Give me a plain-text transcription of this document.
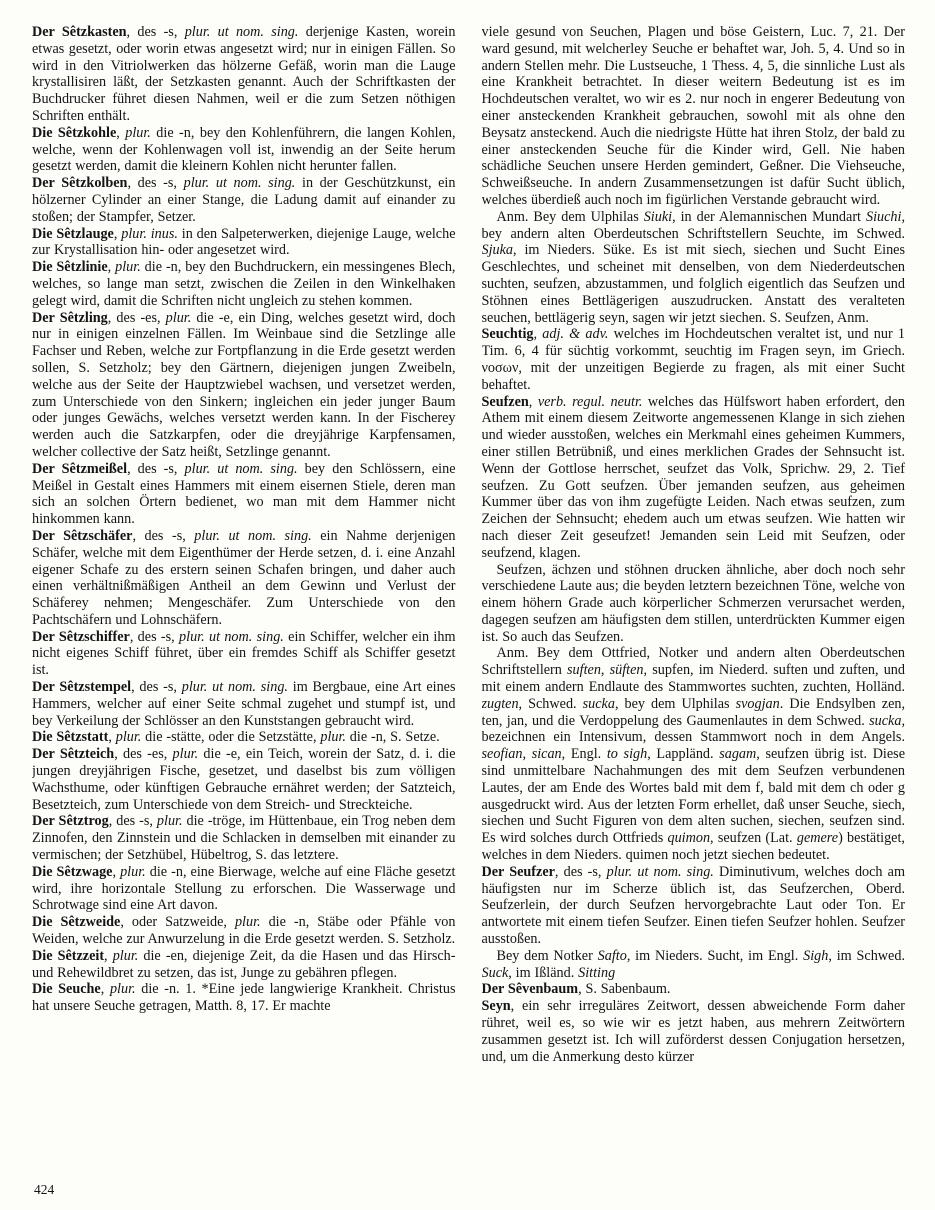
Der Sêtzkasten, des -s, plur. ut nom. sing. derjenige Kasten, worein etwas gesetzt, oder worin etwas angesetzt wird; nur in einigen Fällen. So wird in den Vitriolwerken das hölzerne Gefäß, worin man die Lauge krystallisiren läßt, der Setzkasten genannt. Auch der Schriftkasten der Buchdrucker führet diesen Nahmen, weil er die zum Setzen nöthigen Schriften enthält.

Die Sêtzkohle, plur. die -n, bey den Kohlenführern, die langen Kohlen, welche, wenn der Kohlenwagen voll ist, inwendig an der Seite herum gesetzt werden, damit die kleinern Kohlen nicht herunter fallen.

Der Sêtzkolben, des -s, plur. ut nom. sing. in der Geschützkunst, ein hölzerner Cylinder an einer Stange, die Ladung damit auf einander zu stoßen; der Stampfer, Setzer.

Die Sêtzlauge, plur. inus. in den Salpeterwerken, diejenige Lauge, welche zur Krystallisation hin- oder angesetzet wird.

Die Sêtzlinie, plur. die -n, bey den Buchdruckern, ein messingenes Blech, welches, so lange man setzt, zwischen die Zeilen in den Winkelhaken gelegt wird, damit die Schriften nicht ungleich zu stehen kommen.

Der Sêtzling, des -es, plur. die -e, ein Ding, welches gesetzt wird, doch nur in einigen einzelnen Fällen. Im Weinbaue sind die Setzlinge alle Fachser und Reben, welche zur Fortpflanzung in die Erde gesetzt werden sollen, S. Setzholz; bey den Gärtnern, diejenigen jungen Zweibeln, welche aus der Seite der Hauptzwiebel wachsen, und versetzet werden, zum Unterschiede von den Sinkern; ingleichen ein jeder junger Baum oder junges Gewächs, welches versetzt werden kann. In der Fischerey werden auch die Satzkarpfen, oder die dreyjährige Karpfensamen, welcher collective der Satz heißt, Setzlinge genannt.

Der Sêtzmeißel, des -s, plur. ut nom. sing. bey den Schlössern, eine Meißel in Gestalt eines Hammers mit einem eisernen Stiele, deren man sich an solchen Örtern bedienet, wo man mit dem Hammer nicht hinkommen kann.

Der Sêtzschäfer, des -s, plur. ut nom. sing. ein Nahme derjenigen Schäfer, welche mit dem Eigenthümer der Herde setzen, d. i. eine Anzahl eigener Schafe zu des erstern seinen Schafen bringen, und daher auch einen verhältnißmäßigen Antheil an dem Gewinn und Verlust der Schäferey nehmen; Mengeschäfer. Zum Unterschiede von den Pachtschäfern und Lohnschäfern.

Der Sêtzschiffer, des -s, plur. ut nom. sing. ein Schiffer, welcher ein ihm nicht eigenes Schiff führet, über ein fremdes Schiff als Schiffer gesetzt ist.

Der Sêtzstempel, des -s, plur. ut nom. sing. im Bergbaue, eine Art eines Hammers, welcher auf einer Seite schmal zugehet und stumpf ist, und bey Verkeilung der Schlösser an den Kunststangen gebraucht wird.

Die Sêtzstatt, plur. die -stätte, oder die Setzstätte, plur. die -n, S. Setze.

Der Sêtzteich, des -es, plur. die -e, ein Teich, worein der Satz, d. i. die jungen dreyjährigen Fische, gesetzet, und daselbst bis zum völligen Wachsthume, oder künftigen Gebrauche ernähret werden; der Satzteich, Besetzteich, zum Unterschiede von dem Streich- und Streckteiche.

Der Sêtztrog, des -s, plur. die -tröge, im Hüttenbaue, ein Trog neben dem Zinnofen, den Zinnstein und die Schlacken in demselben mit einander zu vermischen; der Setzhübel, Hübeltrog, S. das letztere.

Die Sêtzwage, plur. die -n, eine Bierwage, welche auf eine Fläche gesetzt wird, ihre horizontale Stellung zu erforschen. Die Wasserwage und Schrotwage sind eine Art davon.

Die Sêtzweide, oder Satzweide, plur. die -n, Stäbe oder Pfähle von Weiden, welche zur Anwurzelung in die Erde gesetzt werden. S. Setzholz.

Die Sêtzzeit, plur. die -en, diejenige Zeit, da die Hasen und das Hirsch- und Rehewildbret zu setzen, das ist, Junge zu gebähren pflegen.

Die Seuche, plur. die -n. 1. *Eine jede langwierige Krankheit. Christus hat unsere Seuche getragen, Matth. 8, 17. Er machte

viele gesund von Seuchen, Plagen und böse Geistern, Luc. 7, 21. Der ward gesund, mit welcherley Seuche er behaftet war, Joh. 5, 4. Und so in andern Stellen mehr. Die Lustseuche, 1 Thess. 4, 5, die sinnliche Lust als eine Krankheit betrachtet. In dieser weitern Bedeutung ist es im Hochdeutschen veraltet, wo wir es 2. nur noch in engerer Bedeutung von einer ansteckenden Krankheit gebrauchen, sowohl mit als ohne den Beysatz ansteckend. Auch die niedrigste Hütte hat ihren Stolz, der bald zu einer ansteckenden Seuche für die Kinder wird, Gell. Nie haben schädliche Seuchen unsere Herden gemindert, Geßner. Die Viehseuche, Schweißseuche. In andern Zusammensetzungen ist dafür Sucht üblich, welches überdieß auch noch im figürlichen Verstande gebraucht wird.

Anm. Bey dem Ulphilas Siuki, in der Alemannischen Mundart Siuchi, bey andern alten Oberdeutschen Schriftstellern Seuchte, im Schwed. Sjuka, im Nieders. Süke. Es ist mit siech, siechen und Sucht Eines Geschlechtes, und scheinet mit denselben, von dem Niederdeutschen suchten, seufzen, abzustammen, und folglich eigentlich das Seufzen und Stöhnen eines Bettlägerigen auszudrucken. Anstatt des veralteten seuchen, bettlägerig seyn, sagen wir jetzt siechen. S. Seufzen, Anm.

Seuchtig, adj. & adv. welches im Hochdeutschen veraltet ist, und nur 1 Tim. 6, 4 für süchtig vorkommt, seuchtig im Fragen seyn, im Griech. νοσων, mit der unzeitigen Begierde zu fragen, als mit einer Sucht behaftet.

Seufzen, verb. regul. neutr. welches das Hülfswort haben erfordert, den Athem mit einem diesem Zeitworte angemessenen Klange in sich ziehen und wieder ausstoßen, welches ein Merkmahl eines geheimen Kummers, einer stillen Betrübniß, und eines merklichen Grades der Sehnsucht ist. Wenn der Gottlose herrschet, seufzet das Volk, Sprichw. 29, 2. Tief seufzen. Zu Gott seufzen. Über jemanden seufzen, aus geheimen Kummer über das von ihm zugefügte Leiden. Nach etwas seufzen, zum Zeichen der Sehnsucht; ehedem auch um etwas seufzen. Wie hatten wir nach dieser Zeit geseufzet! Jemanden sein Leid mit Seufzen, oder seufzend, klagen.

Seufzen, ächzen und stöhnen drucken ähnliche, aber doch noch sehr verschiedene Laute aus; die beyden letztern bezeichnen Töne, welche von einem höhern Grade auch körperlicher Schmerzen verursachet werden, dagegen seufzen am häufigsten dem stillen, unterdrückten Kummer eigen ist. So auch das Seufzen.

Anm. Bey dem Ottfried, Notker und andern alten Oberdeutschen Schriftstellern suften, süften, supfen, im Niederd. suften und zuften, und mit einem andern Endlaute des Stammwortes suchten, zuchten, Holländ. zugten, Schwed. sucka, bey dem Ulphilas svogjan. Die Endsylben zen, ten, jan, und die Verdoppelung des Gaumenlautes in dem Schwed. sucka, bezeichnen ein Intensivum, dessen Stammwort noch in dem Angels. seofian, sican, Engl. to sigh, Lappländ. sagam, seufzen übrig ist. Diese sind unmittelbare Nachahmungen des mit dem Seufzen verbundenen Lautes, der am Ende des Wortes bald mit dem f, bald mit dem ch oder g ausgedruckt wird. Aus der letzten Form erhellet, daß unser Seuche, siech, siechen und Sucht Figuren von dem alten suchen, siechen, seufzen sind. Es wird solches durch Ottfrieds quimon, seufzen (Lat. gemere) bestätiget, welches in dem Nieders. quimen noch jetzt siechen bedeutet.

Der Seufzer, des -s, plur. ut nom. sing. Diminutivum, welches doch am häufigsten nur im Scherze üblich ist, das Seufzerchen, Oberd. Seufzerlein, der durch Seufzen hervorgebrachte Laut oder Ton. Er antwortete mit einem tiefen Seufzer. Einen tiefen Seufzer hohlen. Seufzer ausstoßen.

Bey dem Notker Safto, im Nieders. Sucht, im Engl. Sigh, im Schwed. Suck, im Ißländ. Sitting

Der Sêvenbaum, S. Sabenbaum.

Seyn, ein sehr irreguläres Zeitwort, dessen abweichende Form daher rühret, weil es, so wie wir es jetzt haben, aus mehrern Zeitwörtern zusammen gesetzt ist. Ich will zuförderst dessen Conjugation hersetzen, und, um die Anmerkung desto kürzer

424
